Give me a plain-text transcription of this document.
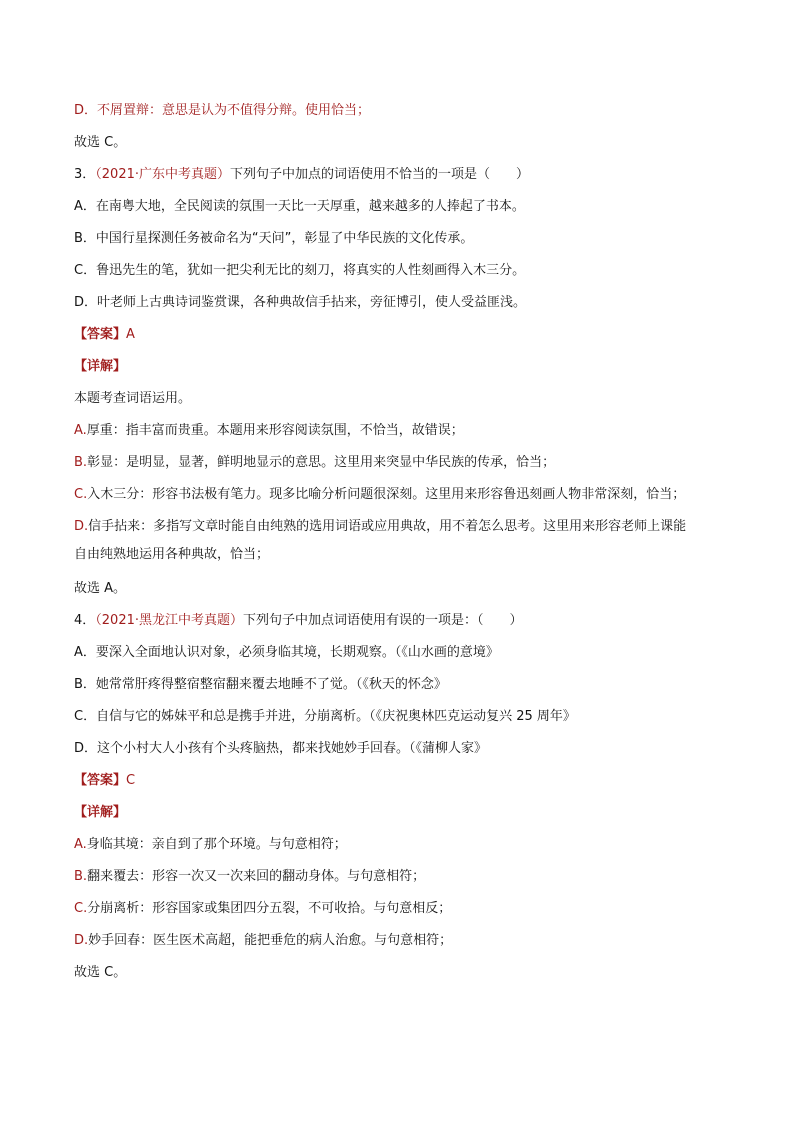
D．不屑置辩：意思是认为不值得分辩。使用恰当；
故选 C。
3．（2021·广东中考真题）下列句子中加点的词语使用不恰当的一项是（　　）
A．在南粤大地，全民阅读的氛围一天比一天厚重，越来越多的人捧起了书本。
B．中国行星探测任务被命名为“天问”，彰显了中华民族的文化传承。
C．鲁迅先生的笔，犹如一把尖利无比的刻刀，将真实的人性刻画得入木三分。
D．叶老师上古典诗词鉴赏课，各种典故信手拈来，旁征博引，使人受益匪浅。
【答案】A
【详解】
本题考查词语运用。
A.厚重：指丰富而贵重。本题用来形容阅读氛围，不恰当，故错误；
B.彰显：是明显，显著，鲜明地显示的意思。这里用来突显中华民族的传承，恰当；
C.入木三分：形容书法极有笔力。现多比喻分析问题很深刻。这里用来形容鲁迅刻画人物非常深刻，恰当；
D.信手拈来：多指写文章时能自由纯熟的选用词语或应用典故，用不着怎么思考。这里用来形容老师上课能
自由纯熟地运用各种典故，恰当；
故选 A。
4．（2021·黑龙江中考真题）下列句子中加点词语使用有误的一项是：（　　）
A．要深入全面地认识对象，必须身临其境，长期观察。（《山水画的意境》
B．她常常肝疼得整宿整宿翻来覆去地睡不了觉。（《秋天的怀念》
C．自信与它的姊妹平和总是携手并进，分崩离析。（《庆祝奥林匹克运动复兴 25 周年》
D．这个小村大人小孩有个头疼脑热，都来找她妙手回春。（《蒲柳人家》
【答案】C
【详解】
A.身临其境：亲自到了那个环境。与句意相符；
B.翻来覆去：形容一次又一次来回的翻动身体。与句意相符；
C.分崩离析：形容国家或集团四分五裂，不可收拾。与句意相反；
D.妙手回春：医生医术高超，能把垂危的病人治愈。与句意相符；
故选 C。
